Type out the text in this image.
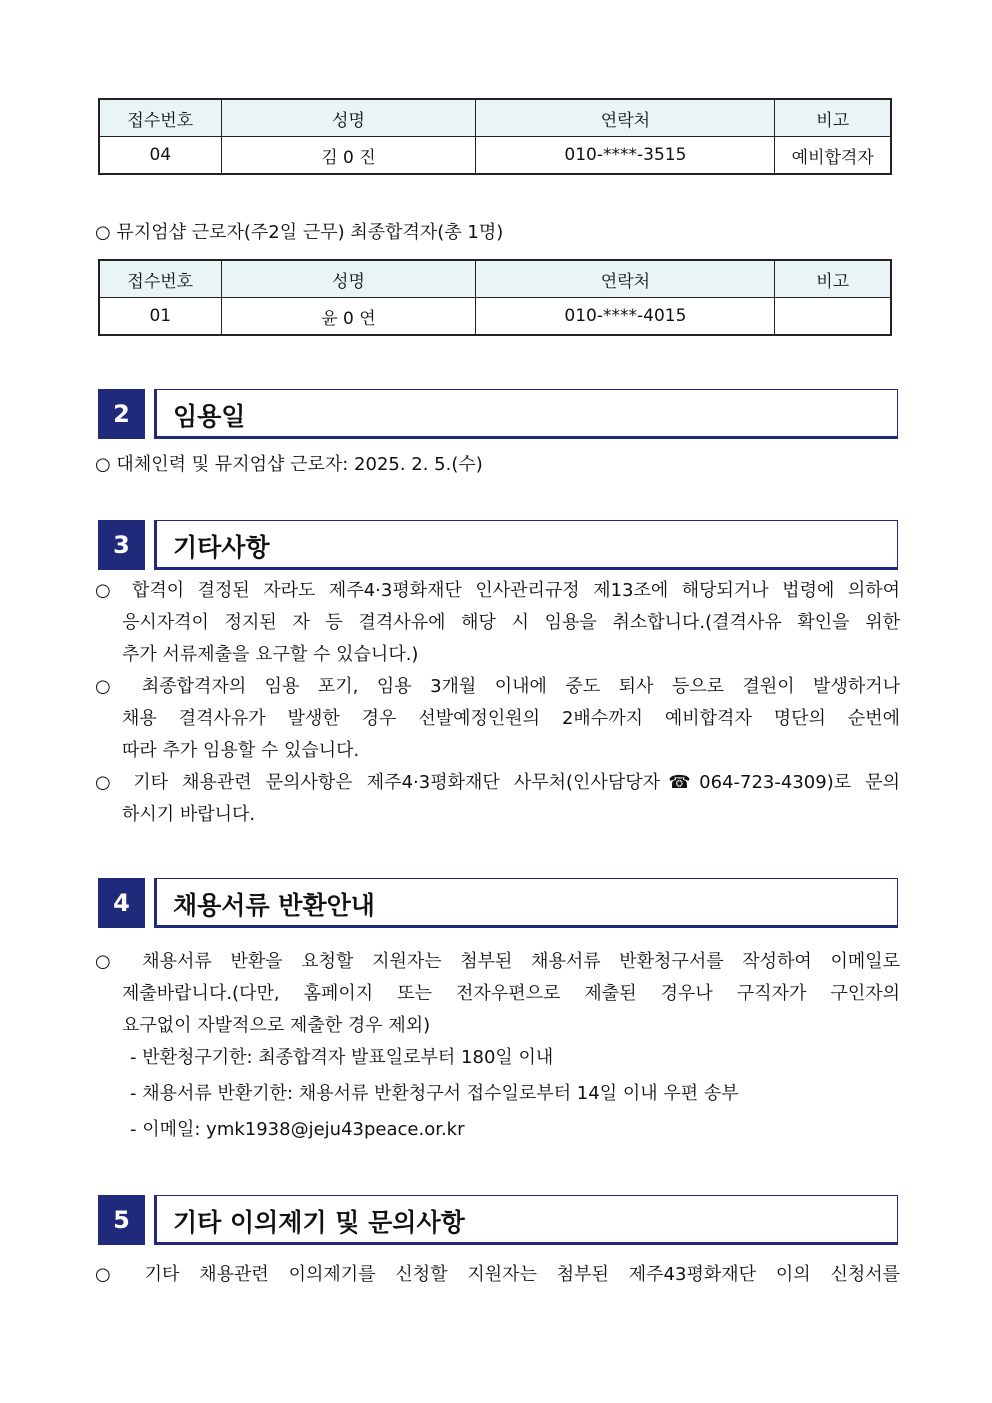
접수번호	성명	연락처	비고
04	김 0 진	010-****-3515	예비합격자
○ 뮤지엄샵 근로자(주2일 근무) 최종합격자(총 1명)
접수번호	성명	연락처	비고
01	윤 0 연	010-****-4015	
2	임용일
○ 대체인력 및 뮤지엄샵 근로자: 2025. 2. 5.(수)
3	기타사항
○ 합격이 결정된 자라도 제주4·3평화재단 인사관리규정 제13조에 해당되거나 법령에 의하여
응시자격이 정지된 자 등 결격사유에 해당 시 임용을 취소합니다.(결격사유 확인을 위한
추가 서류제출을 요구할 수 있습니다.)
○ 최종합격자의 임용 포기, 임용 3개월 이내에 중도 퇴사 등으로 결원이 발생하거나
채용 결격사유가 발생한 경우 선발예정인원의 2배수까지 예비합격자 명단의 순번에
따라 추가 임용할 수 있습니다.
○ 기타 채용관련 문의사항은 제주4·3평화재단 사무처(인사담당자☎064-723-4309)로 문의
하시기 바랍니다.
4	채용서류 반환안내
○ 채용서류 반환을 요청할 지원자는 첨부된 채용서류 반환청구서를 작성하여 이메일로
제출바랍니다.(다만, 홈페이지 또는 전자우편으로 제출된 경우나 구직자가 구인자의
요구없이 자발적으로 제출한 경우 제외)
- 반환청구기한: 최종합격자 발표일로부터 180일 이내
- 채용서류 반환기한: 채용서류 반환청구서 접수일로부터 14일 이내 우편 송부
- 이메일: ymk1938@jeju43peace.or.kr
5	기타 이의제기 및 문의사항
○ 기타 채용관련 이의제기를 신청할 지원자는 첨부된 제주43평화재단 이의 신청서를
